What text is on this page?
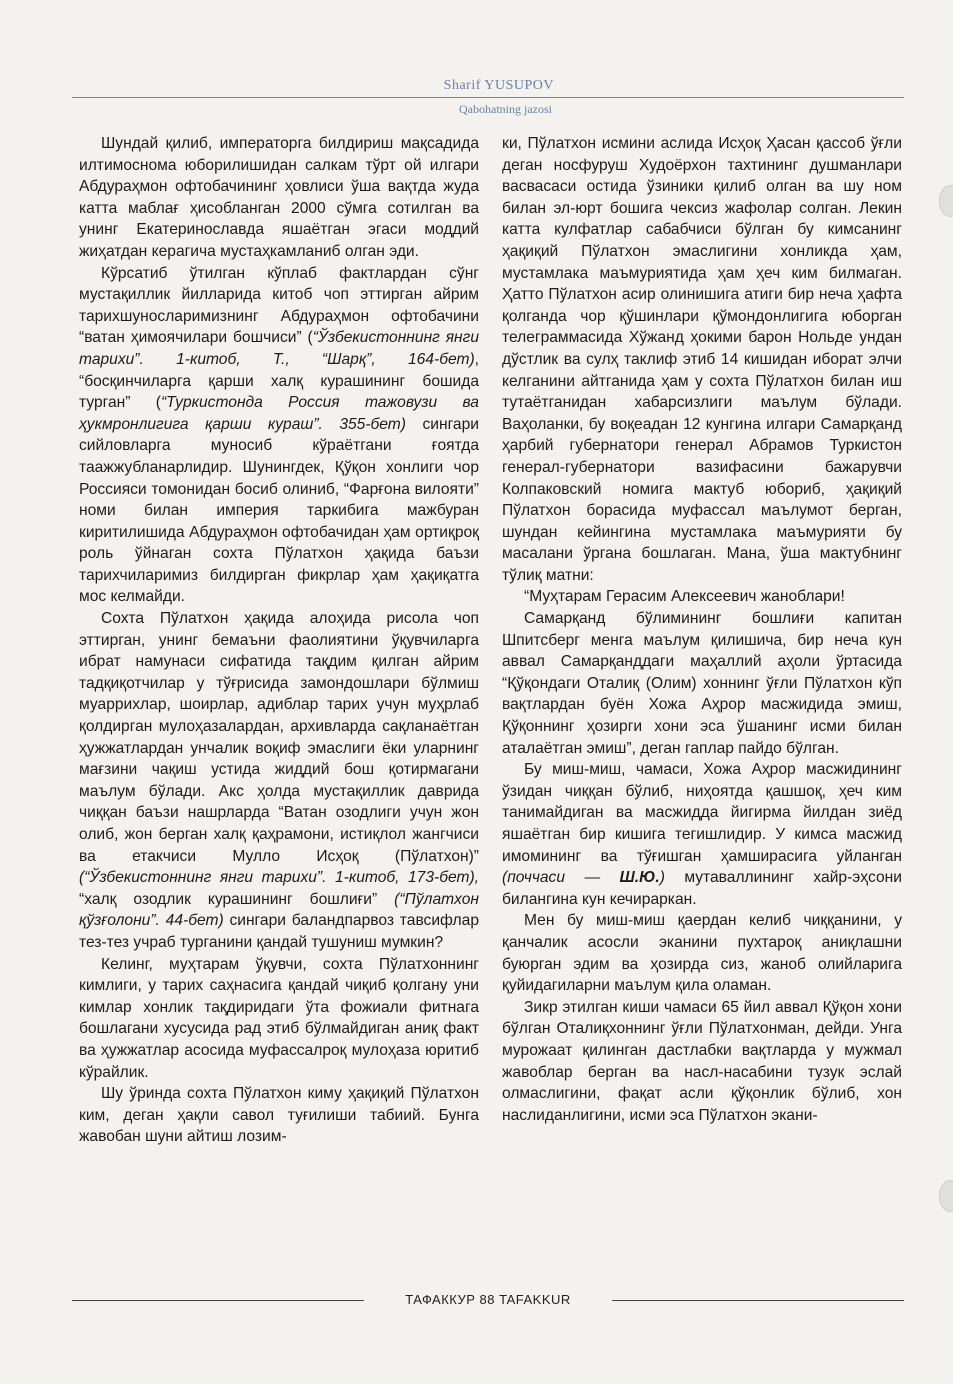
Sharif YUSUPOV
Qabohatning jazosi

Шундай қилиб, императорга билдириш мақсадида илтимосномa юборилишидан салкам тўрт ой илгари Абдураҳмон офтобачининг ҳовлиси ўша вақтда жуда катта маблағ ҳисобланган 2000 сўмга сотилган ва унинг Екатеринославда яшаётган эгаси моддий жиҳатдан керагича мустаҳкамланиб олган эди.

Кўрсатиб ўтилган кўплаб фактлардан сўнг мустақиллик йилларида китоб чоп эттирган айрим тарихшуносларимизнинг Абдураҳмон офтобачини “ватан ҳимоячилари бошчиси” (“Ўзбекистоннинг янги тарихи”. 1-китоб, Т., “Шарқ”, 164-бет), “босқинчиларга қарши халқ курашининг бошида турган” (“Туркистонда Россия тажовузи ва ҳукмронлигига қарши кураш”. 355-бет) сингари сийловларга муносиб кўраётгани ғоятда таажжубланарлидир. Шунингдек, Қўқон хонлиги чор Россияси томонидан босиб олиниб, “Фарғона вилояти” номи билан империя таркибига мажбуран киритилишида Абдураҳмон офтобачидан ҳам ортиқроқ роль ўйнаган сохта Пўлатхон ҳақида баъзи тарихчиларимиз билдирган фикрлар ҳам ҳақиқатга мос келмайди.

Сохта Пўлатхон ҳақида алоҳида рисола чоп эттирган, унинг бемаъни фаолиятини ўқувчиларга ибрат намунаси сифатида тақдим қилган айрим тадқиқотчилар у тўғрисида замондошлари бўлмиш муаррихлар, шоирлар, адиблар тарих учун муҳрлаб қолдирган мулоҳазалардан, архивларда сақланаётган ҳужжатлардан унчалик воқиф эмаслиги ёки уларнинг мағзини чақиш устида жиддий бош қотирмагани маълум бўлади. Акс ҳолда мустақиллик даврида чиққан баъзи нашрларда “Ватан озодлиги учун жон олиб, жон берган халқ қаҳрамони, истиқлол жангчиси ва етакчиси Мулло Исҳоқ (Пўлатхон)” (“Ўзбекистоннинг янги тарихи”. 1-китоб, 173-бет), “халқ озодлик курашининг бошлиғи” (“Пўлатхон қўзғолони”. 44-бет) сингари баландпарвоз тавсифлар тез-тез учраб турганини қандай тушуниш мумкин?

Келинг, муҳтарам ўқувчи, сохта Пўлатхоннинг кимлиги, у тарих саҳнасига қандай чиқиб қолгану уни кимлар хонлик тақдиридаги ўта фожиали фитнага бошлагани хусусида рад этиб бўлмайдиган аниқ факт ва ҳужжатлар асосида муфассалроқ мулоҳаза юритиб кўрайлик.

Шу ўринда сохта Пўлатхон киму ҳақиқий Пўлатхон ким, деган ҳақли савол туғилиши табиий. Бунга жавобан шуни айтиш лозим-

ки, Пўлатхон исмини аслида Исҳоқ Ҳасан қассоб ўғли деган носфуруш Худоёрхон тахтининг душманлари васвасаси остида ўзиники қилиб олган ва шу ном билан эл-юрт бошига чексиз жафолар солган. Лекин катта кулфатлар сабабчиси бўлган бу кимсанинг ҳақиқий Пўлатхон эмаслигини хонликда ҳам, мустамлака маъмуриятида ҳам ҳеч ким билмаган. Ҳатто Пўлатхон асир олинишига атиги бир неча ҳафта қолганда чор қўшинлари қўмондонлигига юборган телеграммасида Хўжанд ҳокими барон Нольде ундан дўстлик ва сулҳ таклиф этиб 14 кишидан иборат элчи келганини айтганида ҳам у сохта Пўлатхон билан иш тутаётганидан хабарсизлиги маълум бўлади. Ваҳоланки, бу воқеадан 12 кунгина илгари Самарқанд ҳарбий губернатори генерал Абрамов Туркистон генерал-губернатори вазифасини бажарувчи Колпаковский номига мактуб юбориб, ҳақиқий Пўлатхон борасида муфассал маълумот берган, шундан кейингина мустамлака маъмурияти бу масалани ўргана бошлаган. Мана, ўша мактубнинг тўлиқ матни:

“Муҳтарам Герасим Алексеевич жаноблари!

Самарқанд бўлимининг бошлиғи капитан Шпитсберг менга маълум қилишича, бир неча кун аввал Самарқанддаги маҳаллий аҳоли ўртасида “Қўқондаги Оталиқ (Олим) хоннинг ўғли Пўлатхон кўп вақтлардан буён Хожа Аҳрор масжидида эмиш, Қўқоннинг ҳозирги хони эса ўшанинг исми билан аталаётган эмиш”, деган гаплар пайдо бўлган.

Бу миш-миш, чамаси, Хожа Аҳрор масжидининг ўзидан чиққан бўлиб, ниҳоятда қашшоқ, ҳеч ким танимайдиган ва масжидда йигирма йилдан зиёд яшаётган бир кишига тегишлидир. У кимса масжид имомининг ва тўғишган ҳамширасига уйланган (поччаси — Ш.Ю.) мутаваллининг хайр-эҳсони билангина кун кечираркан.

Мен бу миш-миш қаердан келиб чиққанини, у қанчалик асосли эканини пухтароқ аниқлашни буюрган эдим ва ҳозирда сиз, жаноб олийларига қуйидагиларни маълум қила оламан.

Зикр этилган киши чамаси 65 йил аввал Қўқон хони бўлган Оталиқхоннинг ўғли Пўлатхонман, дейди. Унга мурожаат қилинган дастлабки вақтларда у мужмал жавоблар берган ва насл-насабини тузук эслай олмаслигини, фақат асли қўқонлик бўлиб, хон наслиданлигини, исми эса Пўлатхон экани-

ТАФАККУР 88 TAFAKKUR
